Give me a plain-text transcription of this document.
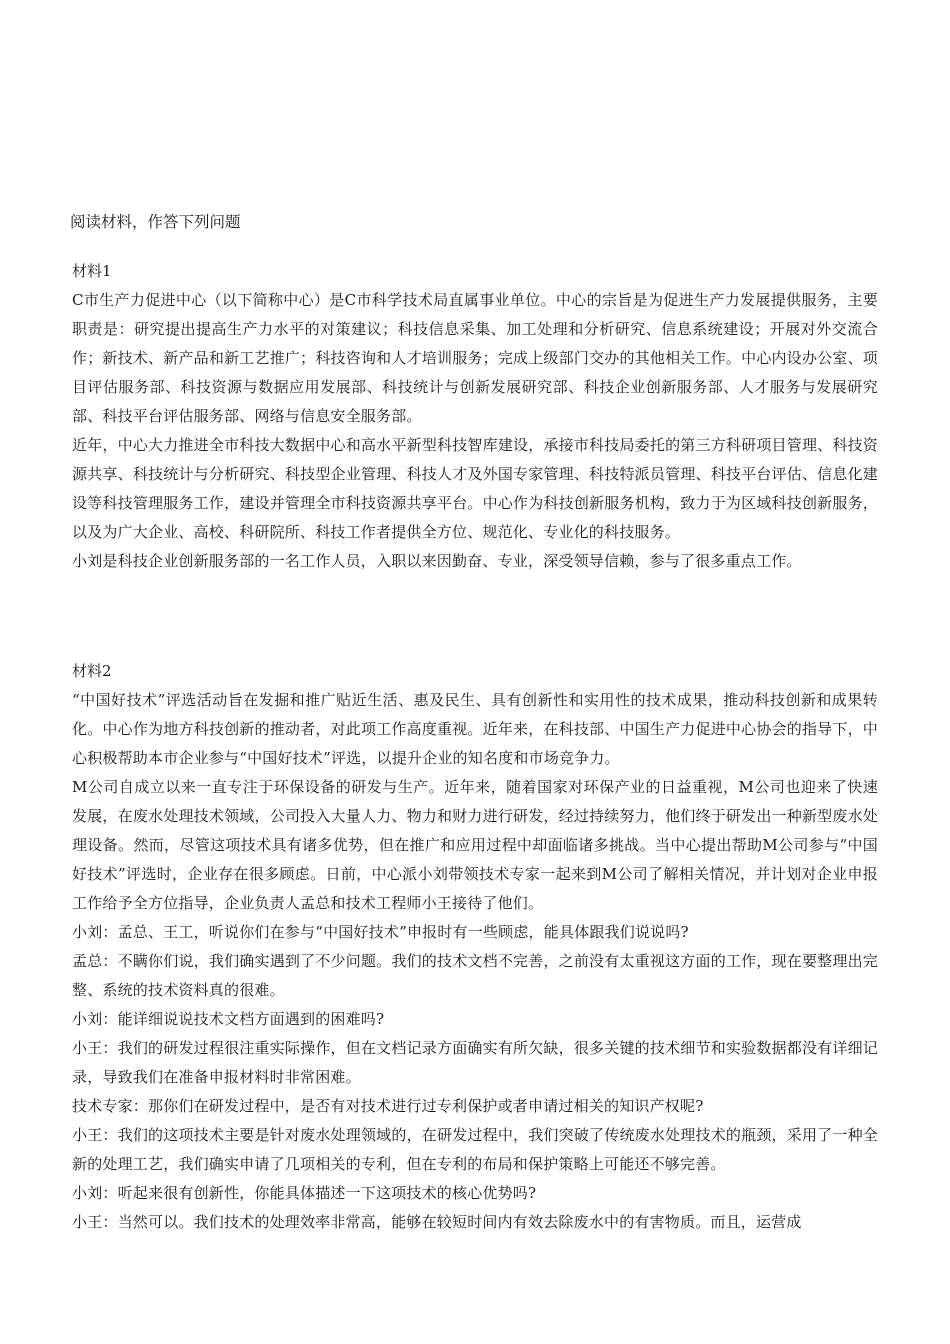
阅读材料，作答下列问题

材料1

C市生产力促进中心（以下简称中心）是C市科学技术局直属事业单位。中心的宗旨是为促进生产力发展提供服务，主要职责是：研究提出提高生产力水平的对策建议；科技信息采集、加工处理和分析研究、信息系统建设；开展对外交流合作；新技术、新产品和新工艺推广；科技咨询和人才培训服务；完成上级部门交办的其他相关工作。中心内设办公室、项目评估服务部、科技资源与数据应用发展部、科技统计与创新发展研究部、科技企业创新服务部、人才服务与发展研究部、科技平台评估服务部、网络与信息安全服务部。

近年，中心大力推进全市科技大数据中心和高水平新型科技智库建设，承接市科技局委托的第三方科研项目管理、科技资源共享、科技统计与分析研究、科技型企业管理、科技人才及外国专家管理、科技特派员管理、科技平台评估、信息化建设等科技管理服务工作，建设并管理全市科技资源共享平台。中心作为科技创新服务机构，致力于为区域科技创新服务，以及为广大企业、高校、科研院所、科技工作者提供全方位、规范化、专业化的科技服务。

小刘是科技企业创新服务部的一名工作人员，入职以来因勤奋、专业，深受领导信赖，参与了很多重点工作。

材料2

“中国好技术”评选活动旨在发掘和推广贴近生活、惠及民生、具有创新性和实用性的技术成果，推动科技创新和成果转化。中心作为地方科技创新的推动者，对此项工作高度重视。近年来，在科技部、中国生产力促进中心协会的指导下，中心积极帮助本市企业参与“中国好技术”评选，以提升企业的知名度和市场竞争力。

M公司自成立以来一直专注于环保设备的研发与生产。近年来，随着国家对环保产业的日益重视，M公司也迎来了快速发展，在废水处理技术领域，公司投入大量人力、物力和财力进行研发，经过持续努力，他们终于研发出一种新型废水处理设备。然而，尽管这项技术具有诸多优势，但在推广和应用过程中却面临诸多挑战。当中心提出帮助M公司参与“中国好技术”评选时，企业存在很多顾虑。日前，中心派小刘带领技术专家一起来到M公司了解相关情况，并计划对企业申报工作给予全方位指导，企业负责人孟总和技术工程师小王接待了他们。

小刘：孟总、王工，听说你们在参与“中国好技术”申报时有一些顾虑，能具体跟我们说说吗?

孟总：不瞒你们说，我们确实遇到了不少问题。我们的技术文档不完善，之前没有太重视这方面的工作，现在要整理出完整、系统的技术资料真的很难。

小刘：能详细说说技术文档方面遇到的困难吗?

小王：我们的研发过程很注重实际操作，但在文档记录方面确实有所欠缺，很多关键的技术细节和实验数据都没有详细记录，导致我们在准备申报材料时非常困难。

技术专家：那你们在研发过程中，是否有对技术进行过专利保护或者申请过相关的知识产权呢?

小王：我们的这项技术主要是针对废水处理领域的，在研发过程中，我们突破了传统废水处理技术的瓶颈，采用了一种全新的处理工艺，我们确实申请了几项相关的专利，但在专利的布局和保护策略上可能还不够完善。

小刘：听起来很有创新性，你能具体描述一下这项技术的核心优势吗?

小王：当然可以。我们技术的处理效率非常高，能够在较短时间内有效去除废水中的有害物质。而且，运营成
